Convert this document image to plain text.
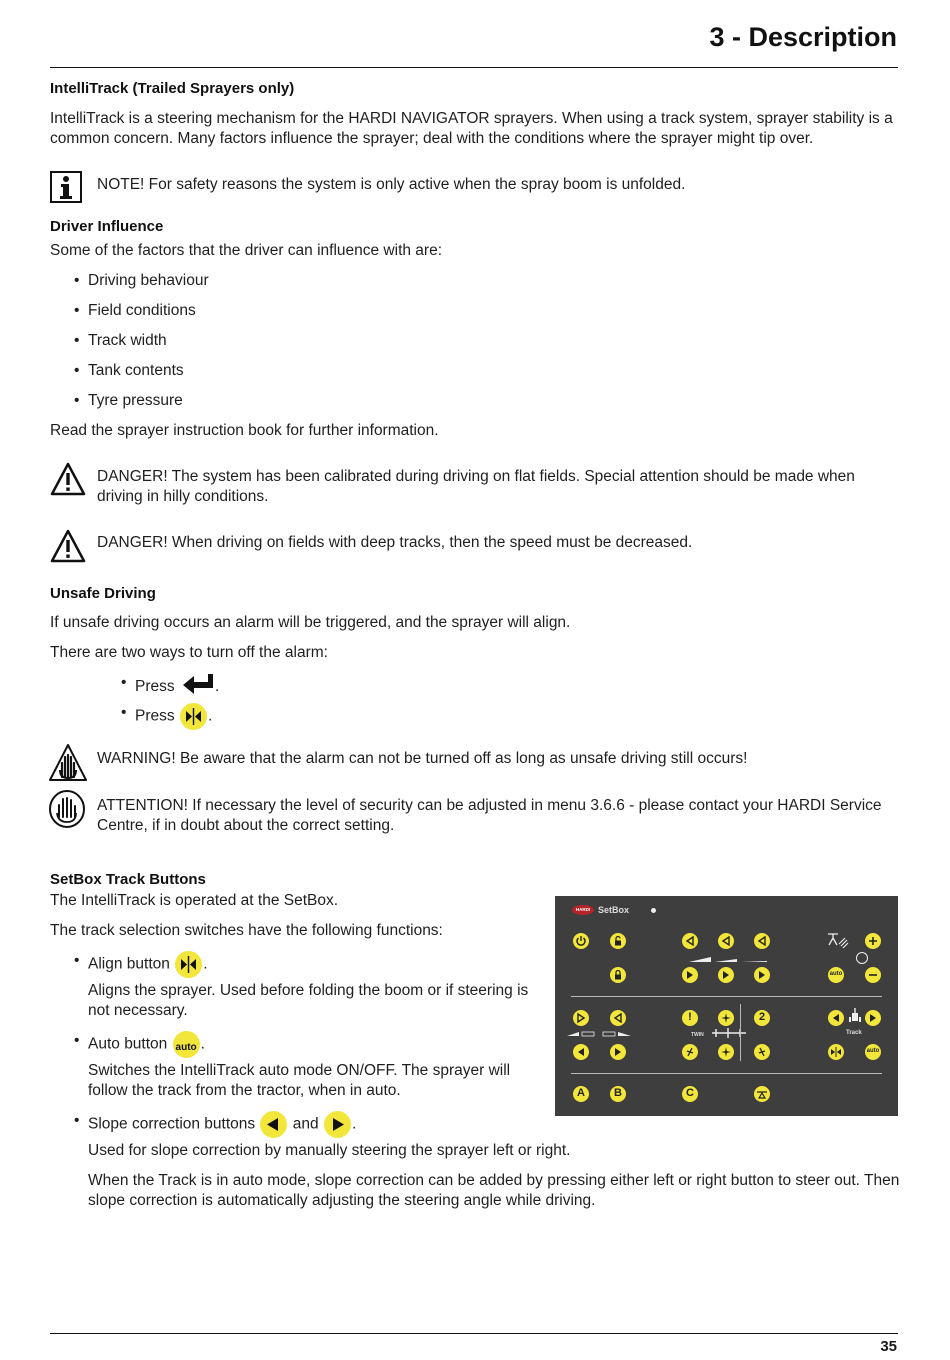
3 - Description
IntelliTrack (Trailed Sprayers only)

IntelliTrack is a steering mechanism for the HARDI NAVIGATOR sprayers. When using a track system, sprayer stability is a common concern. Many factors influence the sprayer; deal with the conditions where the sprayer might tip over.

NOTE! For safety reasons the system is only active when the spray boom is unfolded.

Driver Influence

Some of the factors that the driver can influence with are:

• Driving behaviour
• Field conditions
• Track width
• Tank contents
• Tyre pressure

Read the sprayer instruction book for further information.

DANGER! The system has been calibrated during driving on flat fields. Special attention should be made when driving in hilly conditions.

DANGER! When driving on fields with deep tracks, then the speed must be decreased.

Unsafe Driving

If unsafe driving occurs an alarm will be triggered, and the sprayer will align.

There are two ways to turn off the alarm:

• Press	.
• Press .

WARNING! Be aware that the alarm can not be turned off as long as unsafe driving still occurs!

ATTENTION! If necessary the level of security can be adjusted in menu 3.6.6 - please contact your HARDI Service Centre, if in doubt about the correct setting.

SetBox Track Buttons

The IntelliTrack is operated at the SetBox.

The track selection switches have the following functions:

• Align button .

Aligns the sprayer. Used before folding the boom or if steering is not necessary.

• Auto button auto .

Switches the IntelliTrack auto mode ON/OFF. The sprayer will follow the track from the tractor, when in auto.

• Slope correction buttons and .

Used for slope correction by manually steering the sprayer left or right.

When the Track is in auto mode, slope correction can be added by pressing either left or right button to steer out. Then slope correction is automatically adjusting the steering angle while driving.

HARDI SetBox
auto
!	2
TWIN	Track
auto
A	B	C
35
